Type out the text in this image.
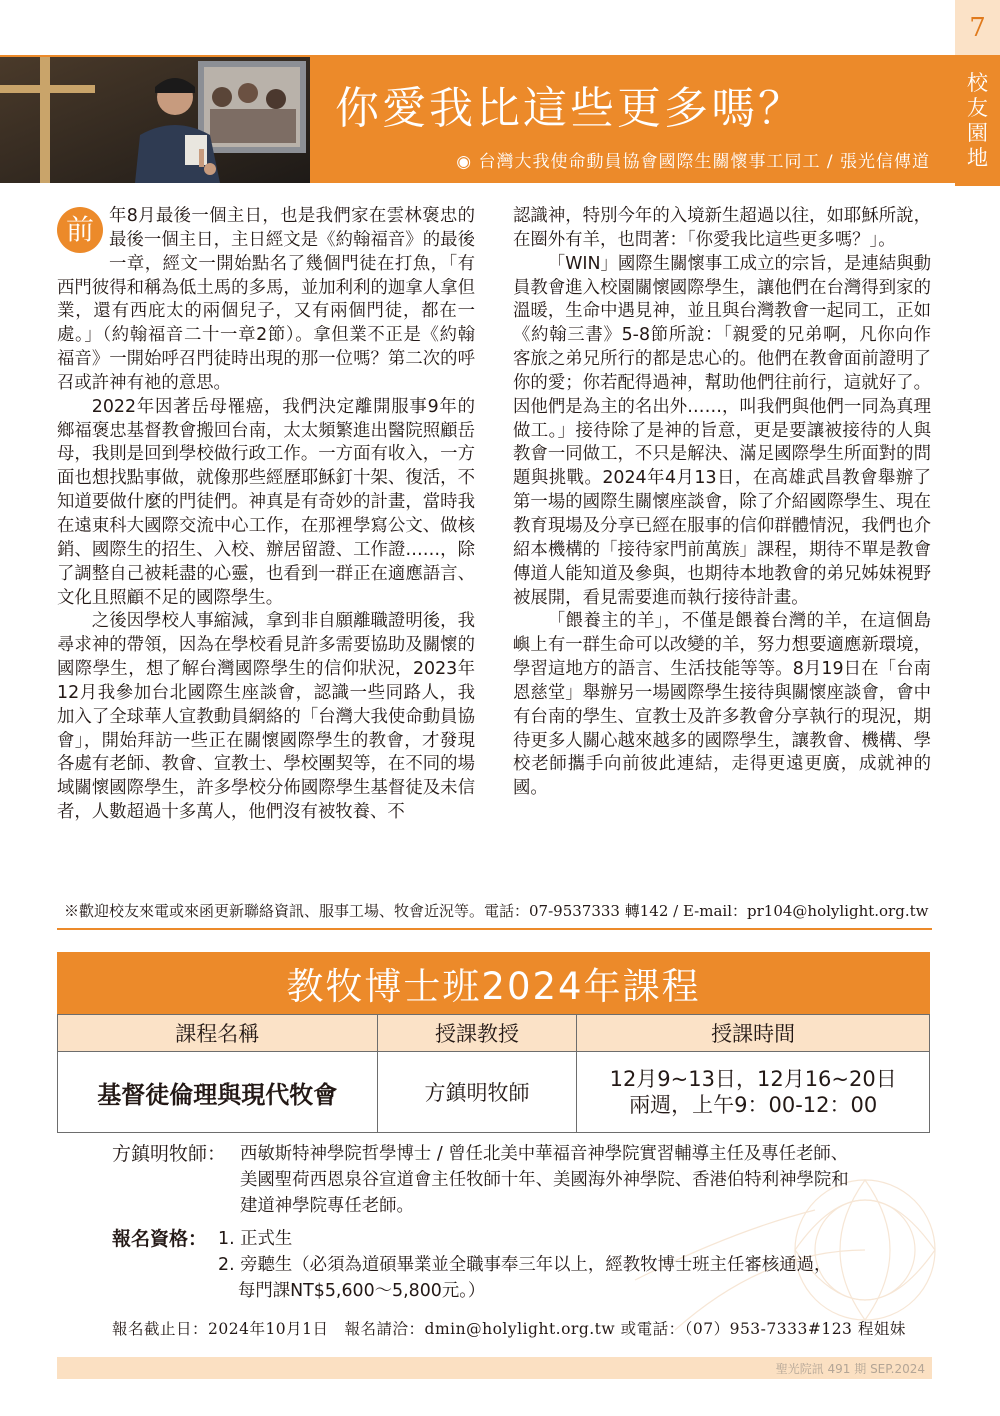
7
校
友
園
地
你愛我比這些更多嗎？
◉ 台灣大我使命動員協會國際生關懷事工同工 / 張光信傳道

前 年8月最後一個主日，也是我們家在雲林褒忠的最後一個主日，主日經文是《約翰福音》的最後一章，經文一開始點名了幾個門徒在打魚，「有西門彼得和稱為低土馬的多馬，並加利利的迦拿人拿但業，還有西庇太的兩個兒子，又有兩個門徒，都在一處。」（約翰福音二十一章2節）。拿但業不正是《約翰福音》一開始呼召門徒時出現的那一位嗎？第二次的呼召或許神有祂的意思。

2022年因著岳母罹癌，我們決定離開服事9年的鄉福褒忠基督教會搬回台南，太太頻繁進出醫院照顧岳母，我則是回到學校做行政工作。一方面有收入，一方面也想找點事做，就像那些經歷耶穌釘十架、復活，不知道要做什麼的門徒們。神真是有奇妙的計畫，當時我在遠東科大國際交流中心工作，在那裡學寫公文、做核銷、國際生的招生、入校、辦居留證、工作證……，除了調整自己被耗盡的心靈，也看到一群正在適應語言、文化且照顧不足的國際學生。

之後因學校人事縮減，拿到非自願離職證明後，我尋求神的帶領，因為在學校看見許多需要協助及關懷的國際學生，想了解台灣國際學生的信仰狀況，2023年12月我參加台北國際生座談會，認識一些同路人，我加入了全球華人宣教動員網絡的「台灣大我使命動員協會」，開始拜訪一些正在關懷國際學生的教會，才發現各處有老師、教會、宣教士、學校團契等，在不同的場域關懷國際學生，許多學校分佈國際學生基督徒及未信者，人數超過十多萬人，他們沒有被牧養、不

認識神，特別今年的入境新生超過以往，如耶穌所說，在圈外有羊，也問著：「你愛我比這些更多嗎？」。

「WIN」國際生關懷事工成立的宗旨，是連結與動員教會進入校園關懷國際學生，讓他們在台灣得到家的溫暖，生命中遇見神，並且與台灣教會一起同工，正如《約翰三書》5-8節所說：「親愛的兄弟啊，凡你向作客旅之弟兄所行的都是忠心的。他們在教會面前證明了你的愛；你若配得過神，幫助他們往前行，這就好了。因他們是為主的名出外……，叫我們與他們一同為真理做工。」接待除了是神的旨意，更是要讓被接待的人與教會一同做工，不只是解決、滿足國際學生所面對的問題與挑戰。2024年4月13日，在高雄武昌教會舉辦了第一場的國際生關懷座談會，除了介紹國際學生、現在教育現場及分享已經在服事的信仰群體情況，我們也介紹本機構的「接待家門前萬族」課程，期待不單是教會傳道人能知道及參與，也期待本地教會的弟兄姊妹視野被展開，看見需要進而執行接待計畫。

「餵養主的羊」，不僅是餵養台灣的羊，在這個島嶼上有一群生命可以改變的羊，努力想要適應新環境，學習這地方的語言、生活技能等等。8月19日在「台南恩慈堂」舉辦另一場國際學生接待與關懷座談會，會中有台南的學生、宣教士及許多教會分享執行的現況，期待更多人關心越來越多的國際學生，讓教會、機構、學校老師攜手向前彼此連結，走得更遠更廣，成就神的國。

※歡迎校友來電或來函更新聯絡資訊、服事工場、牧會近況等。電話：07-9537333 轉142 / E-mail：pr104@holylight.org.tw
教牧博士班2024年課程
課程名稱	授課教授	授課時間
基督徒倫理與現代牧會	方鎮明牧師	12月9~13日，12月16~20日
兩週，上午9：00-12：00
方鎮明牧師： 西敏斯特神學院哲學博士 / 曾任北美中華福音神學院實習輔導主任及專任老師、
美國聖荷西恩泉谷宣道會主任牧師十年、美國海外神學院、香港伯特利神學院和
建道神學院專任老師。
報名資格： 1. 正式生
2. 旁聽生（必須為道碩畢業並全職事奉三年以上，經教牧博士班主任審核通過，
每門課NT$5,600～5,800元。）
報名截止日：2024年10月1日　報名請洽：dmin@holylight.org.tw 或電話：（07）953-7333#123 程姐妹
聖光院訊 491 期 SEP.2024
